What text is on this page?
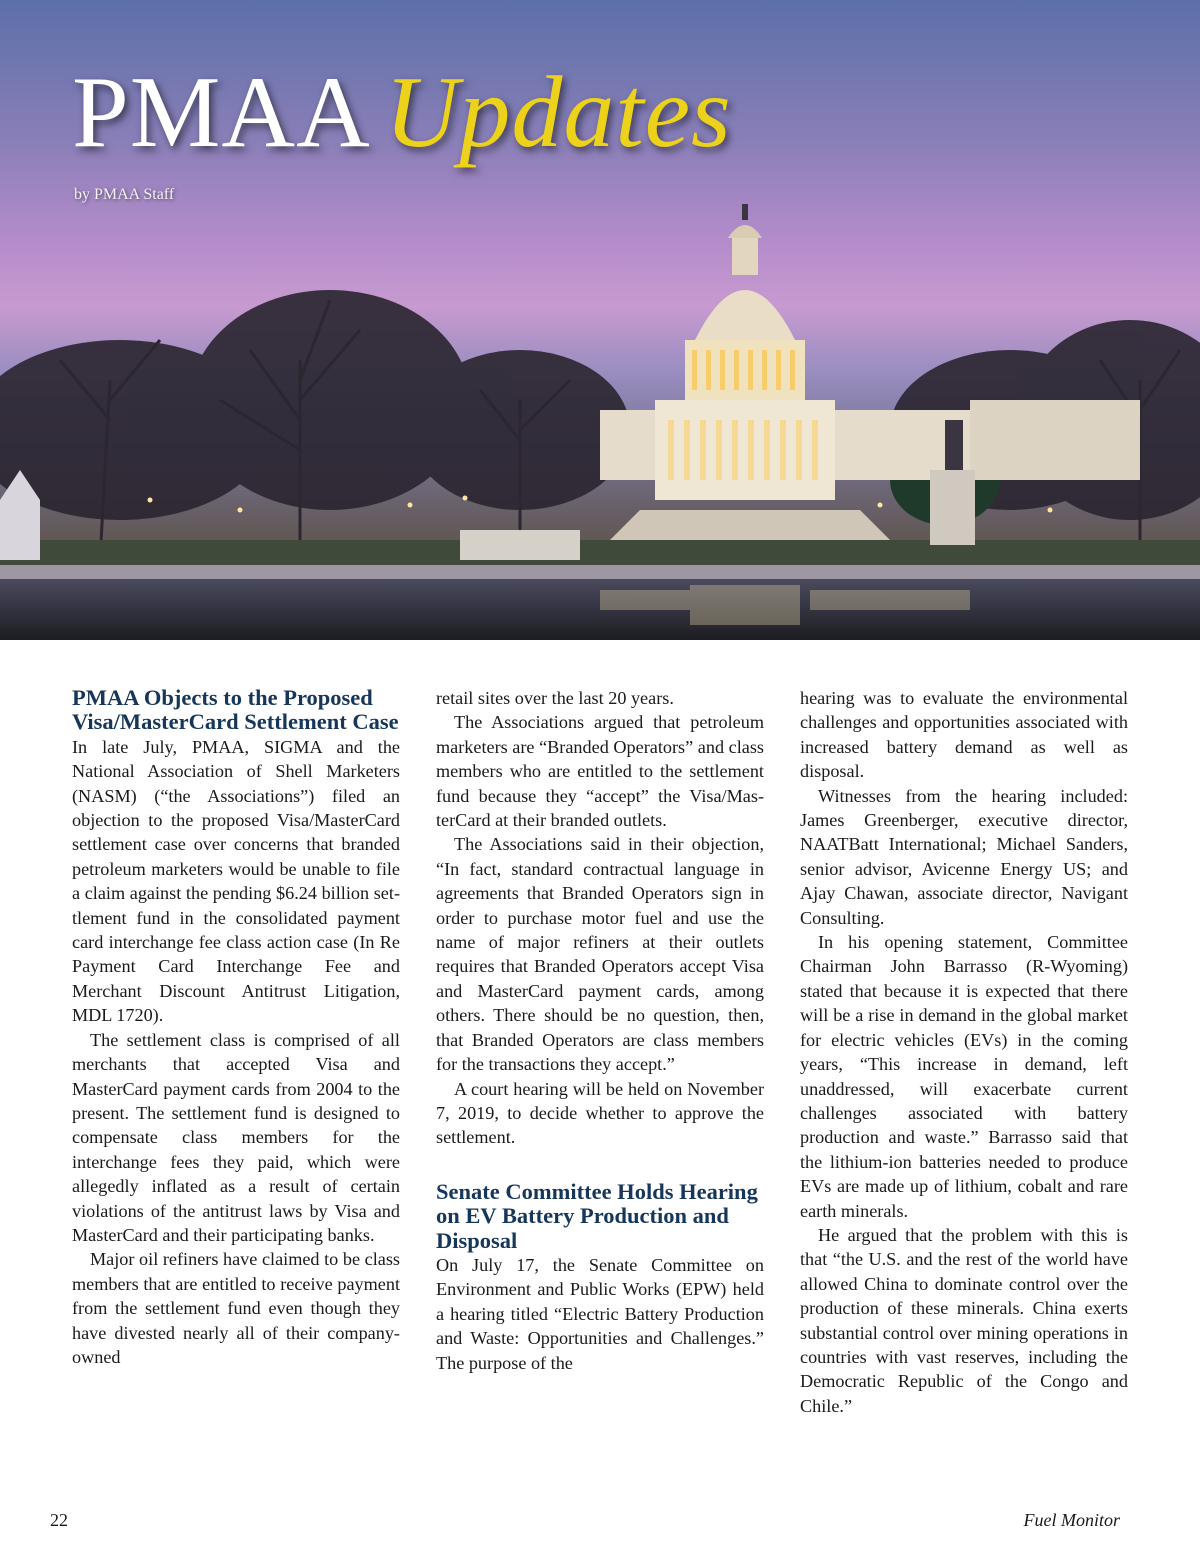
PMAA Updates

by PMAA Staff

PMAA Objects to the Proposed Visa/MasterCard Settlement Case

In late July, PMAA, SIGMA and the National Association of Shell Marketers (NASM) (“the Associations”) filed an objection to the proposed Visa/​MasterCard settlement case over concerns that branded petroleum marketers would be unable to file a claim against the pending $6.24 billion settlement fund in the consolidated payment card interchange fee class action case (In Re Payment Card Interchange Fee and Merchant Discount Antitrust Litigation, MDL 1720).

The settlement class is comprised of all merchants that accepted Visa and MasterCard payment cards from 2004 to the present. The settlement fund is designed to compensate class members for the interchange fees they paid, which were allegedly inflated as a result of certain violations of the antitrust laws by Visa and MasterCard and their participating banks.

Major oil refiners have claimed to be class members that are entitled to receive payment from the settlement fund even though they have divested nearly all of their company-owned

retail sites over the last 20 years.

The Associations argued that petroleum marketers are “Branded Operators” and class members who are entitled to the settlement fund because they “accept” the Visa/​MasterCard at their branded outlets.

The Associations said in their objection, “In fact, standard contractual language in agreements that Branded Operators sign in order to purchase motor fuel and use the name of major refiners at their outlets requires that Branded Operators accept Visa and MasterCard payment cards, among others. There should be no question, then, that Branded Operators are class members for the transactions they accept.”

A court hearing will be held on November 7, 2019, to decide whether to approve the settlement.

Senate Committee Holds Hearing on EV Battery Production and Disposal

On July 17, the Senate Committee on Environment and Public Works (EPW) held a hearing titled “Electric Battery Production and Waste: Opportunities and Challenges.” The purpose of the

hearing was to evaluate the environmental challenges and opportunities associated with increased battery demand as well as disposal.

Witnesses from the hearing included: James Greenberger, executive director, NAATBatt International; Michael Sanders, senior advisor, Avicenne Energy US; and Ajay Chawan, associate director, Navigant Consulting.

In his opening statement, Committee Chairman John Barrasso (R-Wyoming) stated that because it is expected that there will be a rise in demand in the global market for electric vehicles (EVs) in the coming years, “This increase in demand, left unaddressed, will exacerbate current challenges associated with battery production and waste.” Barrasso said that the lithium-ion batteries needed to produce EVs are made up of lithium, cobalt and rare earth minerals.

He argued that the problem with this is that “the U.S. and the rest of the world have allowed China to dominate control over the production of these minerals. China exerts substantial control over mining operations in countries with vast reserves, including the Democratic Republic of the Congo and Chile.”

22	Fuel Monitor
